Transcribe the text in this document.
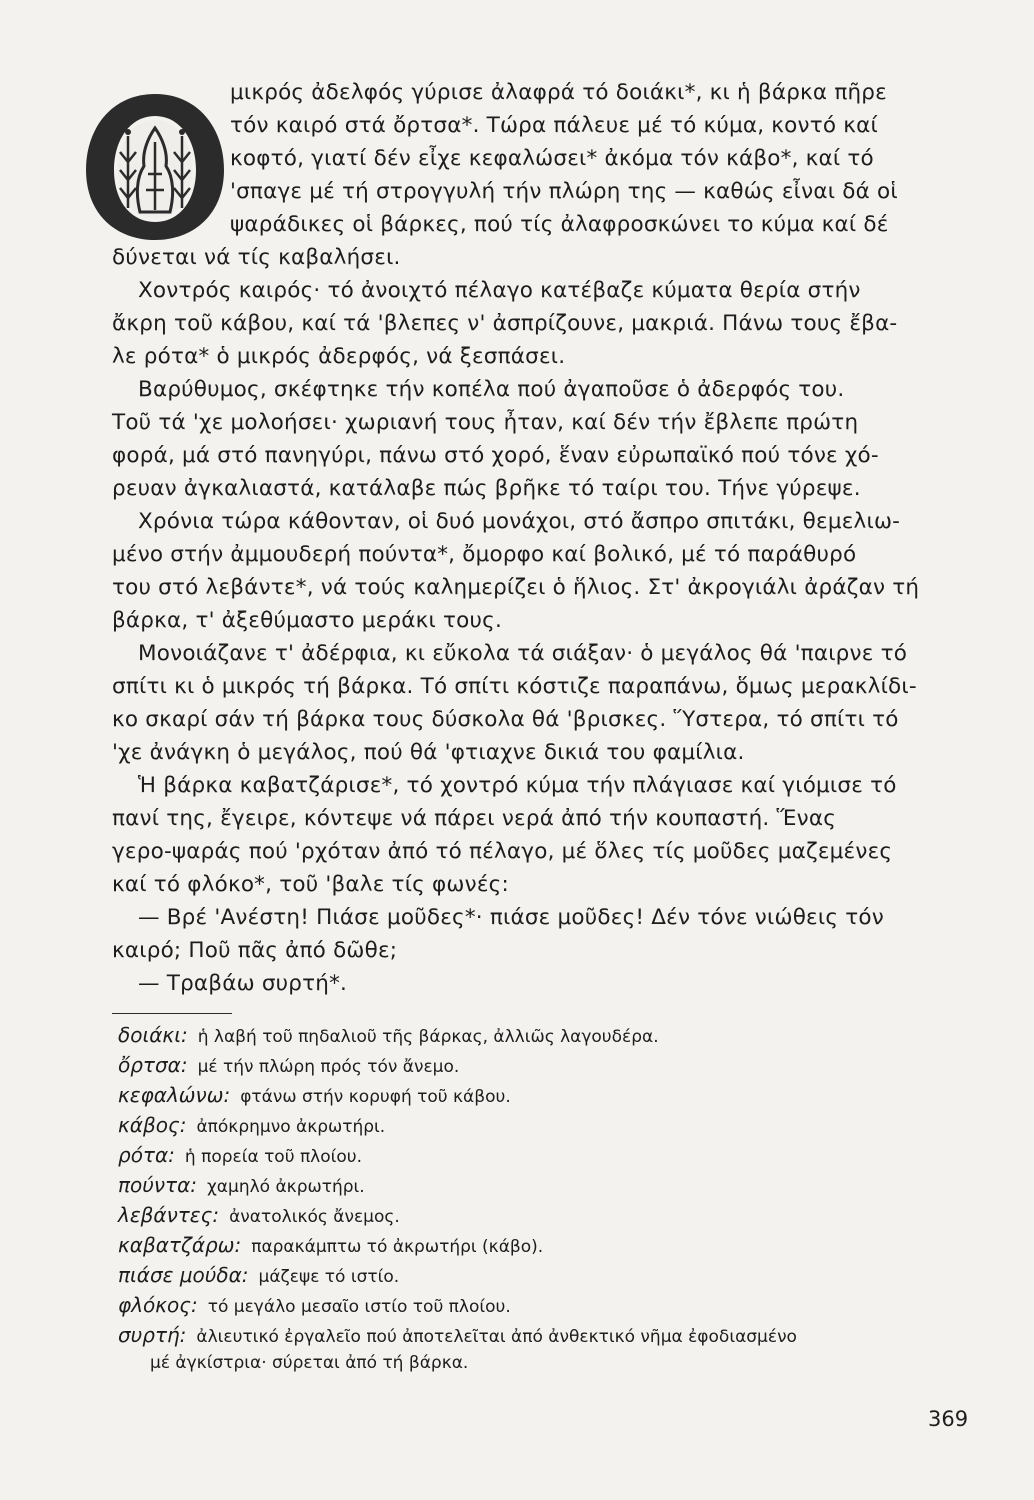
μικρός ἀδελφός γύρισε ἀλαφρά τό δοιάκι*, κι ἡ βάρκα πῆρε
τόν καιρό στά ὄρτσα*. Τώρα πάλευε μέ τό κύμα, κοντό καί
κοφτό, γιατί δέν εἶχε κεφαλώσει* ἀκόμα τόν κάβο*, καί τό
'σπαγε μέ τή στρογγυλή τήν πλώρη της — καθώς εἶναι δά οἱ
ψαράδικες οἱ βάρκες, πού τίς ἀλαφροσκώνει το κύμα καί δέ
δύνεται νά τίς καβαλήσει.
Χοντρός καιρός· τό ἀνοιχτό πέλαγο κατέβαζε κύματα θερία στήν
ἄκρη τοῦ κάβου, καί τά 'βλεπες ν' ἀσπρίζουνε, μακριά. Πάνω τους ἔβα-
λε ρότα* ὁ μικρός ἀδερφός, νά ξεσπάσει.
Βαρύθυμος, σκέφτηκε τήν κοπέλα πού ἀγαποῦσε ὁ ἀδερφός του.
Τοῦ τά 'χε μολοήσει· χωριανή τους ἦταν, καί δέν τήν ἔβλεπε πρώτη
φορά, μά στό πανηγύρι, πάνω στό χορό, ἕναν εὐρωπαϊκό πού τόνε χό-
ρευαν ἀγκαλιαστά, κατάλαβε πώς βρῆκε τό ταίρι του. Τήνε γύρεψε.
Χρόνια τώρα κάθονταν, οἱ δυό μονάχοι, στό ἄσπρο σπιτάκι, θεμελιω-
μένο στήν ἀμμουδερή πούντα*, ὄμορφο καί βολικό, μέ τό παράθυρό
του στό λεβάντε*, νά τούς καλημερίζει ὁ ἥλιος. Στ' ἀκρογιάλι ἀράζαν τή
βάρκα, τ' ἀξεθύμαστο μεράκι τους.
Μονοιάζανε τ' ἀδέρφια, κι εὔκολα τά σιάξαν· ὁ μεγάλος θά 'παιρνε τό
σπίτι κι ὁ μικρός τή βάρκα. Τό σπίτι κόστιζε παραπάνω, ὅμως μερακλίδι-
κο σκαρί σάν τή βάρκα τους δύσκολα θά 'βρισκες. Ὕστερα, τό σπίτι τό
'χε ἀνάγκη ὁ μεγάλος, πού θά 'φτιαχνε δικιά του φαμίλια.
Ἡ βάρκα καβατζάρισε*, τό χοντρό κύμα τήν πλάγιασε καί γιόμισε τό
πανί της, ἔγειρε, κόντεψε νά πάρει νερά ἀπό τήν κουπαστή. Ἕνας
γερο-ψαράς πού 'ρχόταν ἀπό τό πέλαγο, μέ ὅλες τίς μοῦδες μαζεμένες
καί τό φλόκο*, τοῦ 'βαλε τίς φωνές:
— Βρέ 'Ανέστη! Πιάσε μοῦδες*· πιάσε μοῦδες! Δέν τόνε νιώθεις τόν
καιρό; Ποῦ πᾶς ἀπό δῶθε;
— Τραβάω συρτή*.
δοιάκι: ἡ λαβή τοῦ πηδαλιοῦ τῆς βάρκας, ἀλλιῶς λαγουδέρα.
ὄρτσα: μέ τήν πλώρη πρός τόν ἄνεμο.
κεφαλώνω: φτάνω στήν κορυφή τοῦ κάβου.
κάβος: ἀπόκρημνο ἀκρωτήρι.
ρότα: ἡ πορεία τοῦ πλοίου.
πούντα: χαμηλό ἀκρωτήρι.
λεβάντες: ἀνατολικός ἄνεμος.
καβατζάρω: παρακάμπτω τό ἀκρωτήρι (κάβο).
πιάσε μούδα: μάζεψε τό ιστίο.
φλόκος: τό μεγάλο μεσαῖο ιστίο τοῦ πλοίου.
συρτή: ἀλιευτικό ἐργαλεῖο πού ἀποτελεῖται ἀπό ἀνθεκτικό νῆμα ἐφοδιασμένο
μέ ἀγκίστρια· σύρεται ἀπό τή βάρκα.
369
